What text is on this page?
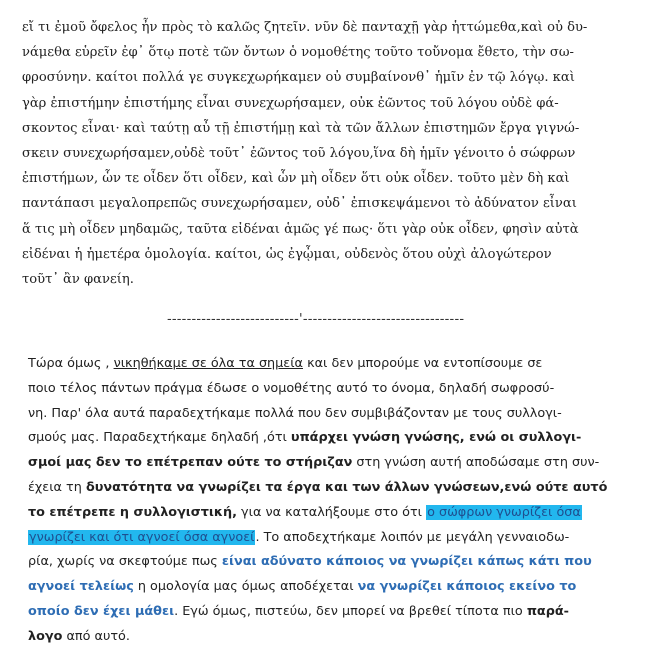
εἴ τι ἐμοῦ ὄφελος ἦν πρὸς τὸ καλῶς ζητεῖν. νῦν δὲ πανταχῇ γὰρ ἡττώμεθα,καὶ οὐ δυ-
νάμεθα εὑρεῖν ἐφ᾽ ὅτῳ ποτὲ τῶν ὄντων ὁ νομοθέτης τοῦτο τοὔνομα ἔθετο, τὴν σω-
φροσύνην. καίτοι πολλά γε συγκεχωρήκαμεν οὐ συμβαίνονθ᾽ ἡμῖν ἐν τῷ λόγῳ. καὶ
γὰρ ἐπιστήμην ἐπιστήμης εἶναι συνεχωρήσαμεν, οὐκ ἐῶντος τοῦ λόγου οὐδὲ φά-
σκοντος εἶναι· καὶ ταύτῃ αὖ τῇ ἐπιστήμῃ καὶ τὰ τῶν ἄλλων ἐπιστημῶν ἔργα γιγνώ-
σκειν συνεχωρήσαμεν,οὐδὲ τοῦτ᾽ ἐῶντος τοῦ λόγου,ἵνα δὴ ἡμῖν γένοιτο ὁ σώφρων
ἐπιστήμων, ὧν τε οἶδεν ὅτι οἶδεν, καὶ ὧν μὴ οἶδεν ὅτι οὐκ οἶδεν. τοῦτο μὲν δὴ καὶ
παντάπασι μεγαλοπρεπῶς συνεχωρήσαμεν, οὐδ᾽ ἐπισκεψάμενοι τὸ ἀδύνατον εἶναι
ἅ τις μὴ οἶδεν μηδαμῶς, ταῦτα εἰδέναι ἁμῶς γέ πως· ὅτι γὰρ οὐκ οἶδεν, φησὶν αὐτὰ
εἰδέναι ἡ ἡμετέρα ὁμολογία. καίτοι, ὡς ἐγᾦμαι, οὐδενὸς ὅτου οὐχὶ ἀλογώτερον
τοῦτ᾽ ἂν φανείη.
---------------------------'---------------------------------
Τώρα όμως , νικηθήκαμε σε όλα τα σημεία και δεν μπορούμε να εντοπίσουμε σε
ποιο τέλος πάντων πράγμα έδωσε ο νομοθέτης αυτό το όνομα, δηλαδή σωφροσύ-
νη. Παρ' όλα αυτά παραδεχτήκαμε πολλά που δεν συμβιβάζονταν με τους συλλογι-
σμούς μας. Παραδεχτήκαμε δηλαδή ,ότι υπάρχει γνώση γνώσης, ενώ οι συλλογι-
σμοί μας δεν το επέτρεπαν ούτε το στήριζαν στη γνώση αυτή αποδώσαμε στη συν-
έχεια τη δυνατότητα να γνωρίζει τα έργα και των άλλων γνώσεων,ενώ ούτε αυτό
το επέτρεπε η συλλογιστική, για να καταλήξουμε στο ότι ο σώφρων γνωρίζει όσα
γνωρίζει και ότι αγνοεί όσα αγνοεί. Το αποδεχτήκαμε λοιπόν με μεγάλη γενναιοδω-
ρία, χωρίς να σκεφτούμε πως είναι αδύνατο κάποιος να γνωρίζει κάπως κάτι που
αγνοεί τελείως η ομολογία μας όμως αποδέχεται να γνωρίζει κάποιος εκείνο το
οποίο δεν έχει μάθει. Εγώ όμως, πιστεύω, δεν μπορεί να βρεθεί τίποτα πιο παρά-
λογο από αυτό.
